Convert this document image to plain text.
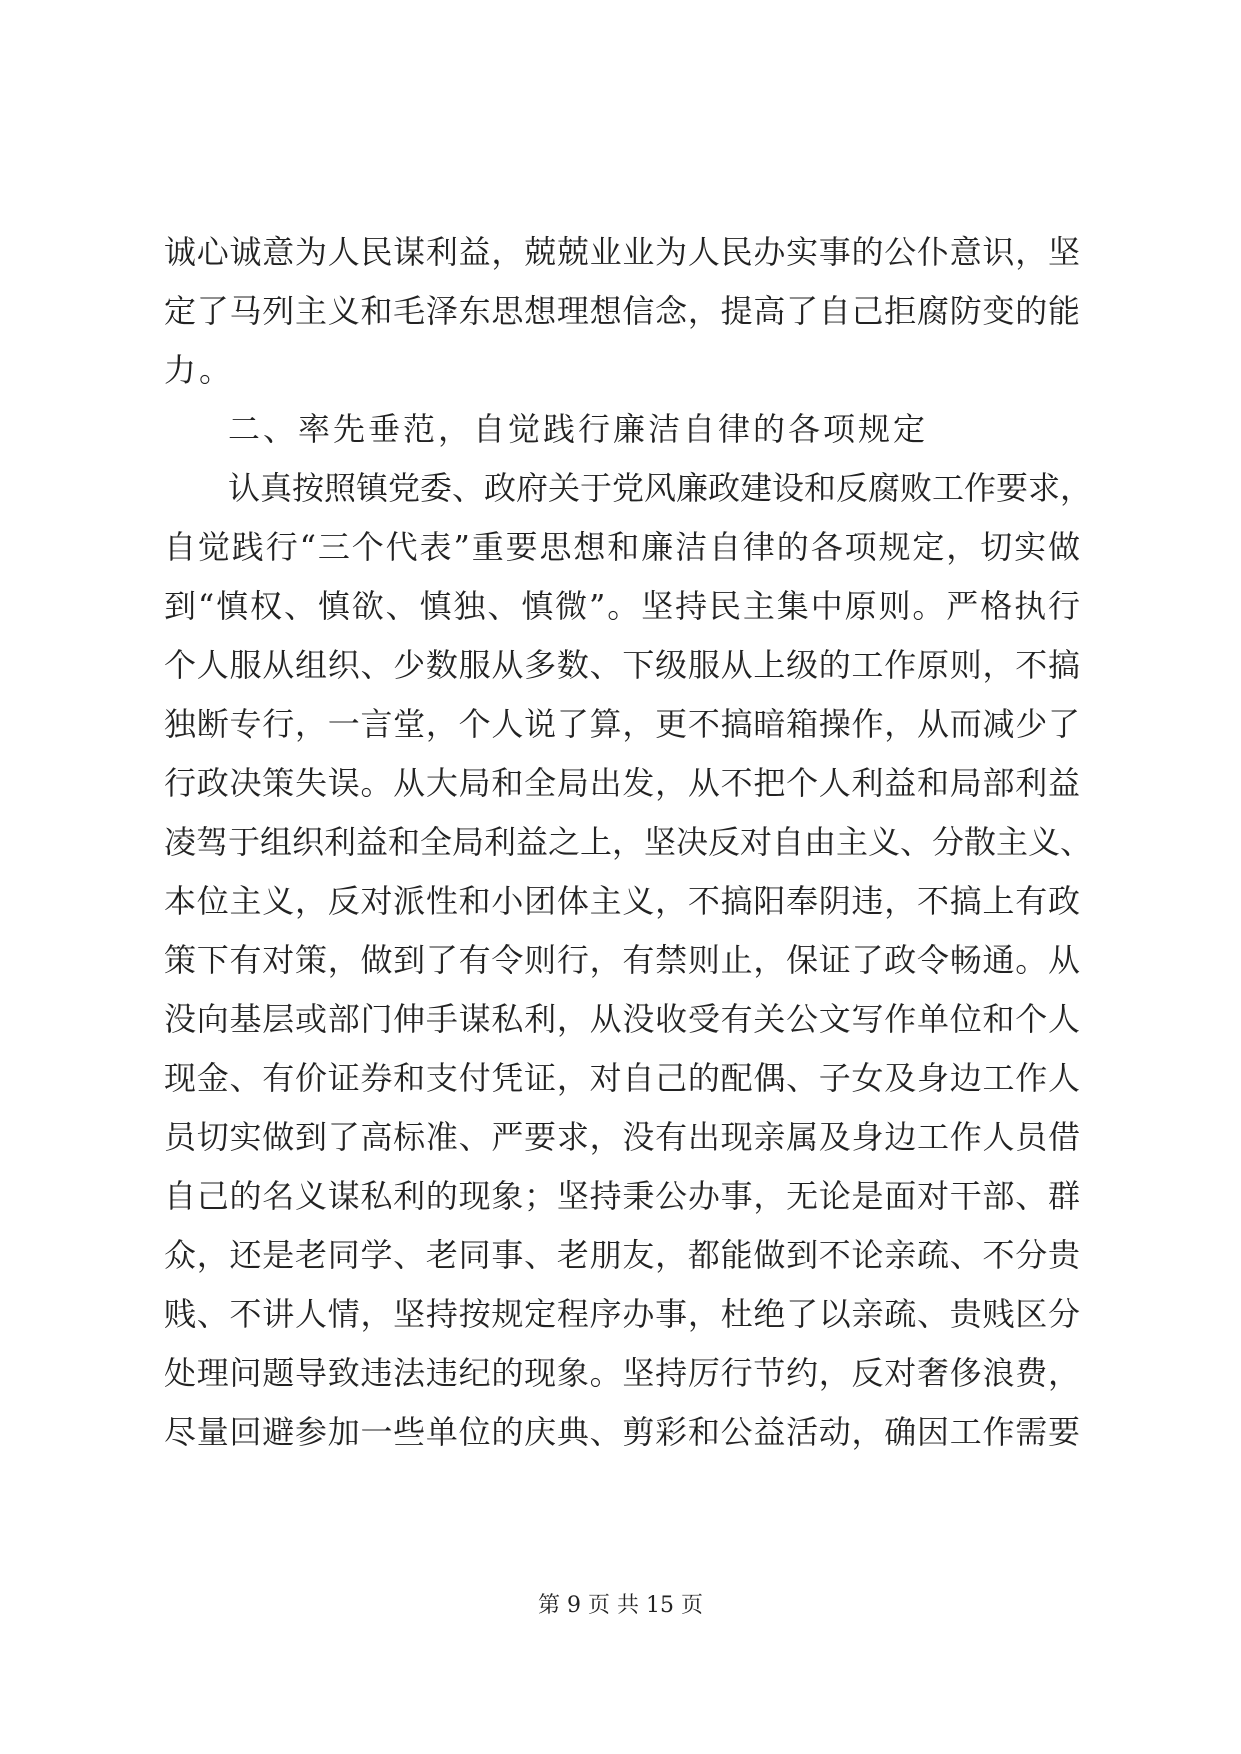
诚心诚意为人民谋利益，兢兢业业为人民办实事的公仆意识，坚
定了马列主义和毛泽东思想理想信念，提高了自己拒腐防变的能
力。
二、率先垂范，自觉践行廉洁自律的各项规定
认真按照镇党委、政府关于党风廉政建设和反腐败工作要求，
自觉践行“三个代表”重要思想和廉洁自律的各项规定，切实做
到“慎权、慎欲、慎独、慎微”。坚持民主集中原则。严格执行
个人服从组织、少数服从多数、下级服从上级的工作原则，不搞
独断专行，一言堂，个人说了算，更不搞暗箱操作，从而减少了
行政决策失误。从大局和全局出发，从不把个人利益和局部利益
凌驾于组织利益和全局利益之上，坚决反对自由主义、分散主义、
本位主义，反对派性和小团体主义，不搞阳奉阴违，不搞上有政
策下有对策，做到了有令则行，有禁则止，保证了政令畅通。从
没向基层或部门伸手谋私利，从没收受有关公文写作单位和个人
现金、有价证券和支付凭证，对自己的配偶、子女及身边工作人
员切实做到了高标准、严要求，没有出现亲属及身边工作人员借
自己的名义谋私利的现象；坚持秉公办事，无论是面对干部、群
众，还是老同学、老同事、老朋友，都能做到不论亲疏、不分贵
贱、不讲人情，坚持按规定程序办事，杜绝了以亲疏、贵贱区分
处理问题导致违法违纪的现象。坚持厉行节约，反对奢侈浪费，
尽量回避参加一些单位的庆典、剪彩和公益活动，确因工作需要
第 9 页 共 15 页
